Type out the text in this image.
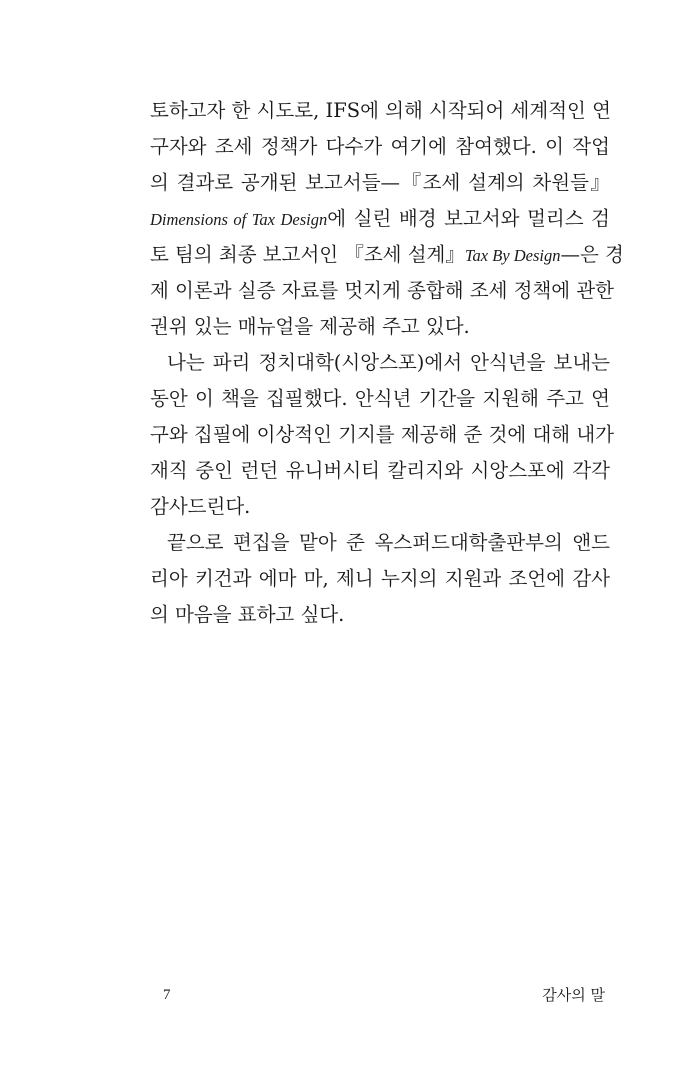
토하고자 한 시도로, IFS에 의해 시작되어 세계적인 연
구자와 조세 정책가 다수가 여기에 참여했다. 이 작업
의 결과로 공개된 보고서들—『조세 설계의 차원들』
Dimensions of Tax Design에 실린 배경 보고서와 멀리스 검
토 팀의 최종 보고서인 『조세 설계』Tax By Design—은 경
제 이론과 실증 자료를 멋지게 종합해 조세 정책에 관한
권위 있는 매뉴얼을 제공해 주고 있다.
나는 파리 정치대학(시앙스포)에서 안식년을 보내는
동안 이 책을 집필했다. 안식년 기간을 지원해 주고 연
구와 집필에 이상적인 기지를 제공해 준 것에 대해 내가
재직 중인 런던 유니버시티 칼리지와 시앙스포에 각각
감사드린다.
끝으로 편집을 맡아 준 옥스퍼드대학출판부의 앤드
리아 키건과 에마 마, 제니 누지의 지원과 조언에 감사
의 마음을 표하고 싶다.
7	감사의 말
